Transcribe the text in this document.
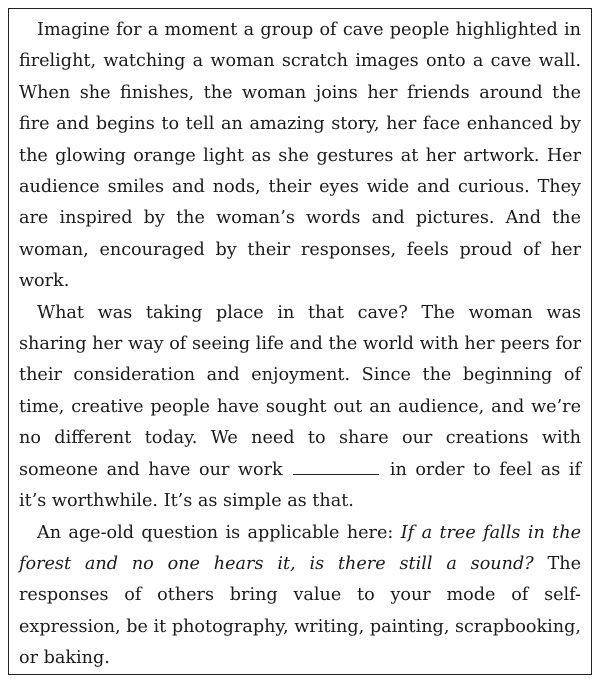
Imagine for a moment a group of cave people highlighted in firelight, watching a woman scratch images onto a cave wall. When she finishes, the woman joins her friends around the fire and begins to tell an amazing story, her face enhanced by the glowing orange light as she gestures at her artwork. Her audience smiles and nods, their eyes wide and curious. They are inspired by the woman’s words and pictures. And the woman, encouraged by their responses, feels proud of her work.

What was taking place in that cave? The woman was sharing her way of seeing life and the world with her peers for their consideration and enjoyment. Since the beginning of time, creative people have sought out an audience, and we’re no different today. We need to share our creations with someone and have our work	in order to feel as if it’s worthwhile. It’s as simple as that.

An age-old question is applicable here: If a tree falls in the forest and no one hears it, is there still a sound? The responses of others bring value to your mode of self-expression, be it photography, writing, painting, scrapbooking, or baking.
